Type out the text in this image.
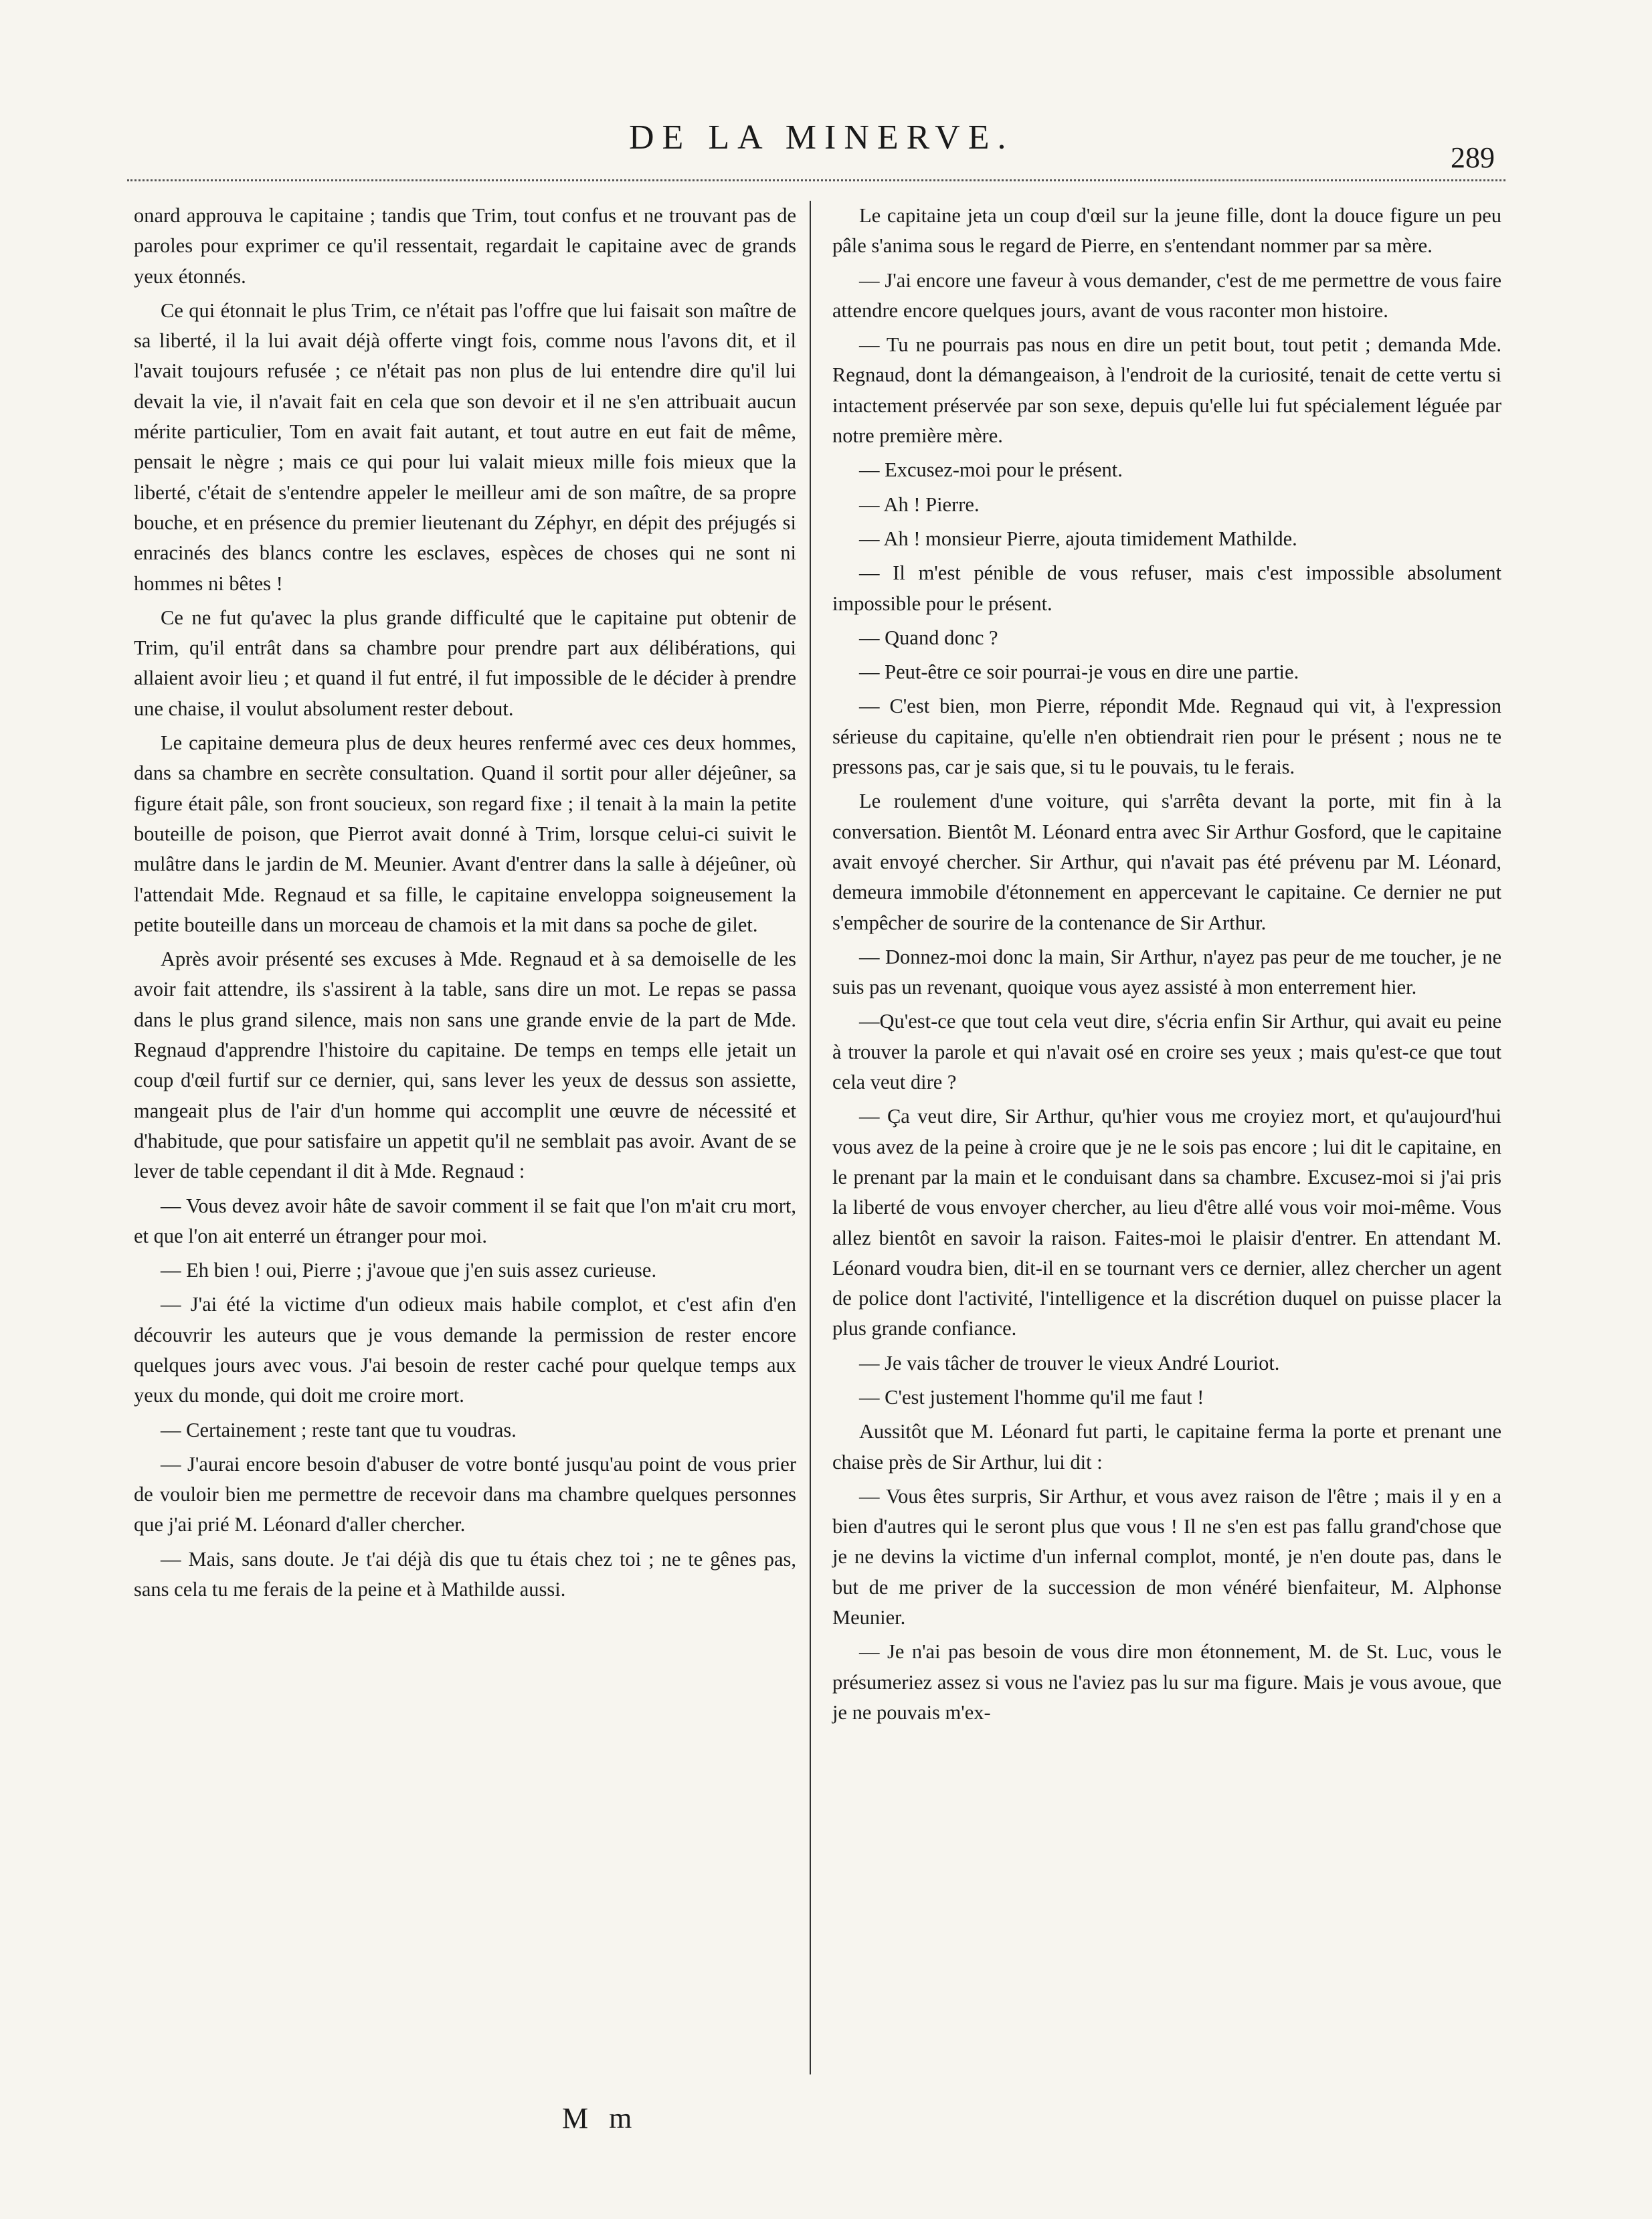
DE LA MINERVE.
289

onard approuva le capitaine ; tandis que Trim, tout confus et ne trouvant pas de paroles pour exprimer ce qu'il ressentait, regardait le capitaine avec de grands yeux étonnés.

Ce qui étonnait le plus Trim, ce n'était pas l'offre que lui faisait son maître de sa liberté, il la lui avait déjà offerte vingt fois, comme nous l'avons dit, et il l'avait toujours refusée ; ce n'était pas non plus de lui entendre dire qu'il lui devait la vie, il n'avait fait en cela que son devoir et il ne s'en attribuait aucun mérite particulier, Tom en avait fait autant, et tout autre en eut fait de même, pensait le nègre ; mais ce qui pour lui valait mieux mille fois mieux que la liberté, c'était de s'entendre appeler le meilleur ami de son maître, de sa propre bouche, et en présence du premier lieutenant du Zéphyr, en dépit des préjugés si enracinés des blancs contre les esclaves, espèces de choses qui ne sont ni hommes ni bêtes !

Ce ne fut qu'avec la plus grande difficulté que le capitaine put obtenir de Trim, qu'il entrât dans sa chambre pour prendre part aux délibérations, qui allaient avoir lieu ; et quand il fut entré, il fut impossible de le décider à prendre une chaise, il voulut absolument rester debout.

Le capitaine demeura plus de deux heures renfermé avec ces deux hommes, dans sa chambre en secrète consultation. Quand il sortit pour aller déjeûner, sa figure était pâle, son front soucieux, son regard fixe ; il tenait à la main la petite bouteille de poison, que Pierrot avait donné à Trim, lorsque celui-ci suivit le mulâtre dans le jardin de M. Meunier. Avant d'entrer dans la salle à déjeûner, où l'attendait Mde. Regnaud et sa fille, le capitaine enveloppa soigneusement la petite bouteille dans un morceau de chamois et la mit dans sa poche de gilet.

Après avoir présenté ses excuses à Mde. Regnaud et à sa demoiselle de les avoir fait attendre, ils s'assirent à la table, sans dire un mot. Le repas se passa dans le plus grand silence, mais non sans une grande envie de la part de Mde. Regnaud d'apprendre l'histoire du capitaine. De temps en temps elle jetait un coup d'œil furtif sur ce dernier, qui, sans lever les yeux de dessus son assiette, mangeait plus de l'air d'un homme qui accomplit une œuvre de nécessité et d'habitude, que pour satisfaire un appetit qu'il ne semblait pas avoir. Avant de se lever de table cependant il dit à Mde. Regnaud :

— Vous devez avoir hâte de savoir comment il se fait que l'on m'ait cru mort, et que l'on ait enterré un étranger pour moi.

— Eh bien ! oui, Pierre ; j'avoue que j'en suis assez curieuse.

— J'ai été la victime d'un odieux mais habile complot, et c'est afin d'en découvrir les auteurs que je vous demande la permission de rester encore quelques jours avec vous. J'ai besoin de rester caché pour quelque temps aux yeux du monde, qui doit me croire mort.

— Certainement ; reste tant que tu voudras.

— J'aurai encore besoin d'abuser de votre bonté jusqu'au point de vous prier de vouloir bien me permettre de recevoir dans ma chambre quelques personnes que j'ai prié M. Léonard d'aller chercher.

— Mais, sans doute. Je t'ai déjà dis que tu étais chez toi ; ne te gênes pas, sans cela tu me ferais de la peine et à Mathilde aussi.

Le capitaine jeta un coup d'œil sur la jeune fille, dont la douce figure un peu pâle s'anima sous le regard de Pierre, en s'entendant nommer par sa mère.

— J'ai encore une faveur à vous demander, c'est de me permettre de vous faire attendre encore quelques jours, avant de vous raconter mon histoire.

— Tu ne pourrais pas nous en dire un petit bout, tout petit ; demanda Mde. Regnaud, dont la démangeaison, à l'endroit de la curiosité, tenait de cette vertu si intactement préservée par son sexe, depuis qu'elle lui fut spécialement léguée par notre première mère.

— Excusez-moi pour le présent.

— Ah ! Pierre.

— Ah ! monsieur Pierre, ajouta timidement Mathilde.

— Il m'est pénible de vous refuser, mais c'est impossible absolument impossible pour le présent.

— Quand donc ?

— Peut-être ce soir pourrai-je vous en dire une partie.

— C'est bien, mon Pierre, répondit Mde. Regnaud qui vit, à l'expression sérieuse du capitaine, qu'elle n'en obtiendrait rien pour le présent ; nous ne te pressons pas, car je sais que, si tu le pouvais, tu le ferais.

Le roulement d'une voiture, qui s'arrêta devant la porte, mit fin à la conversation. Bientôt M. Léonard entra avec Sir Arthur Gosford, que le capitaine avait envoyé chercher. Sir Arthur, qui n'avait pas été prévenu par M. Léonard, demeura immobile d'étonnement en appercevant le capitaine. Ce dernier ne put s'empêcher de sourire de la contenance de Sir Arthur.

— Donnez-moi donc la main, Sir Arthur, n'ayez pas peur de me toucher, je ne suis pas un revenant, quoique vous ayez assisté à mon enterrement hier.

—Qu'est-ce que tout cela veut dire, s'écria enfin Sir Arthur, qui avait eu peine à trouver la parole et qui n'avait osé en croire ses yeux ; mais qu'est-ce que tout cela veut dire ?

— Ça veut dire, Sir Arthur, qu'hier vous me croyiez mort, et qu'aujourd'hui vous avez de la peine à croire que je ne le sois pas encore ; lui dit le capitaine, en le prenant par la main et le conduisant dans sa chambre. Excusez-moi si j'ai pris la liberté de vous envoyer chercher, au lieu d'être allé vous voir moi-même. Vous allez bientôt en savoir la raison. Faites-moi le plaisir d'entrer. En attendant M. Léonard voudra bien, dit-il en se tournant vers ce dernier, allez chercher un agent de police dont l'activité, l'intelligence et la discrétion duquel on puisse placer la plus grande confiance.

— Je vais tâcher de trouver le vieux André Louriot.

— C'est justement l'homme qu'il me faut !

Aussitôt que M. Léonard fut parti, le capitaine ferma la porte et prenant une chaise près de Sir Arthur, lui dit :

— Vous êtes surpris, Sir Arthur, et vous avez raison de l'être ; mais il y en a bien d'autres qui le seront plus que vous ! Il ne s'en est pas fallu grand'chose que je ne devins la victime d'un infernal complot, monté, je n'en doute pas, dans le but de me priver de la succession de mon vénéré bienfaiteur, M. Alphonse Meunier.

— Je n'ai pas besoin de vous dire mon étonnement, M. de St. Luc, vous le présumeriez assez si vous ne l'aviez pas lu sur ma figure. Mais je vous avoue, que je ne pouvais m'ex-

M m
